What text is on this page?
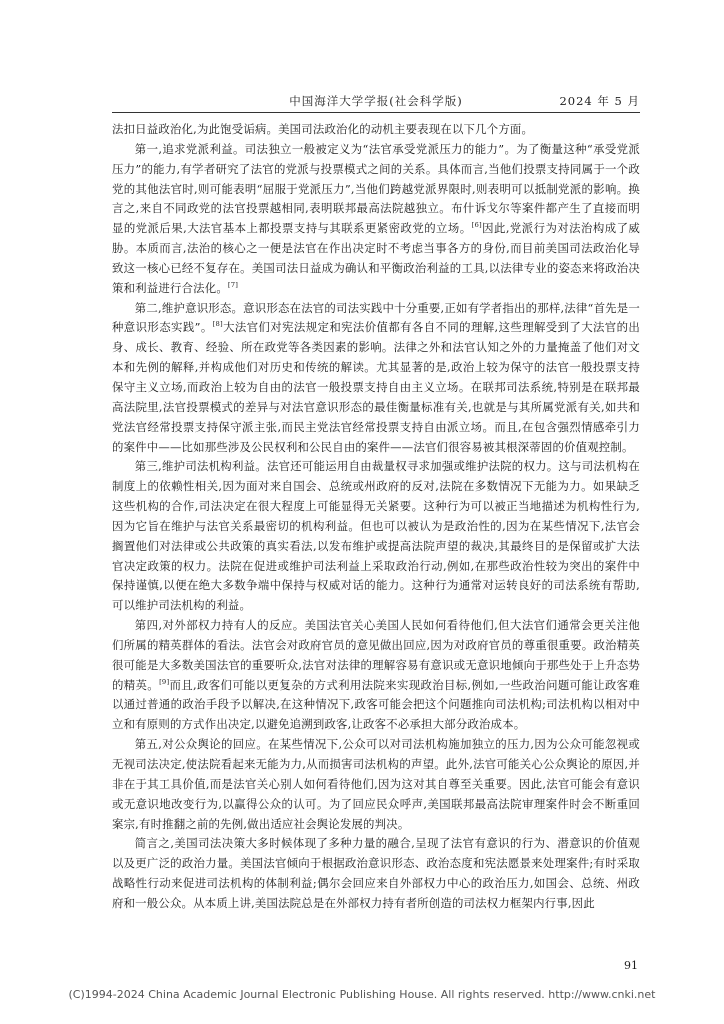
中国海洋大学学报(社会科学版)	2024 年 5 月

法扣日益政治化,为此饱受诟病。美国司法政治化的动机主要表现在以下几个方面。

第一,追求党派利益。司法独立一般被定义为“法官承受党派压力的能力”。为了衡量这种“承受党派压力”的能力,有学者研究了法官的党派与投票模式之间的关系。具体而言,当他们投票支持同属于一个政党的其他法官时,则可能表明“屈服于党派压力”,当他们跨越党派界限时,则表明可以抵制党派的影响。换言之,来自不同政党的法官投票越相同,表明联邦最高法院越独立。布什诉戈尔等案件都产生了直接而明显的党派后果,大法官基本上都投票支持与其联系更紧密政党的立场。[6]因此,党派行为对法治构成了威胁。本质而言,法治的核心之一便是法官在作出决定时不考虑当事各方的身份,而目前美国司法政治化导致这一核心已经不复存在。美国司法日益成为确认和平衡政治利益的工具,以法律专业的姿态来将政治决策和利益进行合法化。[7]

第二,维护意识形态。意识形态在法官的司法实践中十分重要,正如有学者指出的那样,法律“首先是一种意识形态实践”。[8]大法官们对宪法规定和宪法价值都有各自不同的理解,这些理解受到了大法官的出身、成长、教育、经验、所在政党等各类因素的影响。法律之外和法官认知之外的力量掩盖了他们对文本和先例的解释,并构成他们对历史和传统的解读。尤其显著的是,政治上较为保守的法官一般投票支持保守主义立场,而政治上较为自由的法官一般投票支持自由主义立场。在联邦司法系统,特别是在联邦最高法院里,法官投票模式的差异与对法官意识形态的最佳衡量标准有关,也就是与其所属党派有关,如共和党法官经常投票支持保守派主张,而民主党法官经常投票支持自由派立场。而且,在包含强烈情感牵引力的案件中——比如那些涉及公民权利和公民自由的案件——法官们很容易被其根深蒂固的价值观控制。

第三,维护司法机构利益。法官还可能运用自由裁量权寻求加强或维护法院的权力。这与司法机构在制度上的依赖性相关,因为面对来自国会、总统或州政府的反对,法院在多数情况下无能为力。如果缺乏这些机构的合作,司法决定在很大程度上可能显得无关紧要。这种行为可以被正当地描述为机构性行为,因为它旨在维护与法官关系最密切的机构利益。但也可以被认为是政治性的,因为在某些情况下,法官会搁置他们对法律或公共政策的真实看法,以发布维护或提高法院声望的裁决,其最终目的是保留或扩大法官决定政策的权力。法院在促进或维护司法利益上采取政治行动,例如,在那些政治性较为突出的案件中保持谨慎,以便在绝大多数争端中保持与权威对话的能力。这种行为通常对运转良好的司法系统有帮助,可以维护司法机构的利益。

第四,对外部权力持有人的反应。美国法官关心美国人民如何看待他们,但大法官们通常会更关注他们所属的精英群体的看法。法官会对政府官员的意见做出回应,因为对政府官员的尊重很重要。政治精英很可能是大多数美国法官的重要听众,法官对法律的理解容易有意识或无意识地倾向于那些处于上升态势的精英。[9]而且,政客们可能以更复杂的方式利用法院来实现政治目标,例如,一些政治问题可能让政客难以通过普通的政治手段予以解决,在这种情况下,政客可能会把这个问题推向司法机构;司法机构以相对中立和有原则的方式作出决定,以避免追溯到政客,让政客不必承担大部分政治成本。

第五,对公众舆论的回应。在某些情况下,公众可以对司法机构施加独立的压力,因为公众可能忽视或无视司法决定,使法院看起来无能为力,从而损害司法机构的声望。此外,法官可能关心公众舆论的原因,并非在于其工具价值,而是法官关心别人如何看待他们,因为这对其自尊至关重要。因此,法官可能会有意识或无意识地改变行为,以赢得公众的认可。为了回应民众呼声,美国联邦最高法院审理案件时会不断重回案宗,有时推翻之前的先例,做出适应社会舆论发展的判决。

简言之,美国司法决策大多时候体现了多种力量的融合,呈现了法官有意识的行为、潜意识的价值观以及更广泛的政治力量。美国法官倾向于根据政治意识形态、政治态度和宪法愿景来处理案件;有时采取战略性行动来促进司法机构的体制利益;偶尔会回应来自外部权力中心的政治压力,如国会、总统、州政府和一般公众。从本质上讲,美国法院总是在外部权力持有者所创造的司法权力框架内行事,因此

91
(C)1994-2024 China Academic Journal Electronic Publishing House. All rights reserved. http://www.cnki.net
